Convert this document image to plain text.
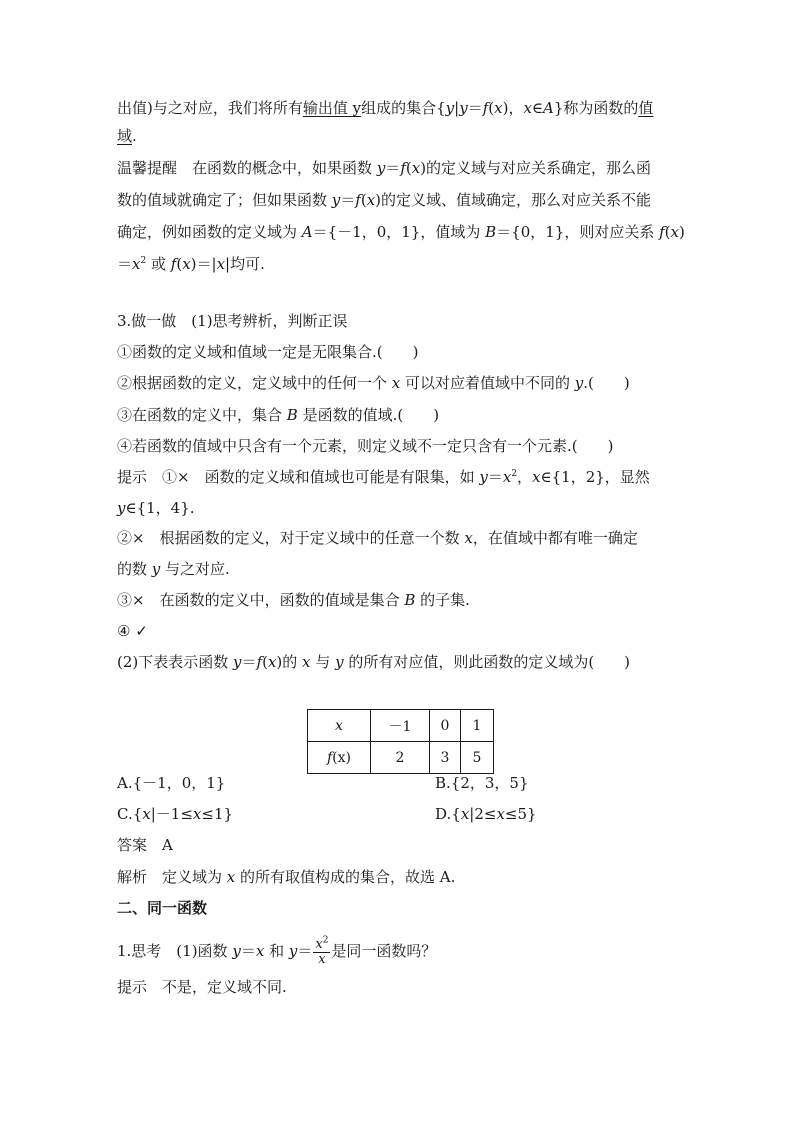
出值)与之对应，我们将所有输出值 y组成的集合{y|y＝f(x)，x∈A}称为函数的值
域.
温馨提醒　 在函数的概念中，如果函数 y＝f(x)的定义域与对应关系确定，那么函
数的值域就确定了；但如果函数 y＝f(x)的定义域、值域确定，那么对应关系不能
确定，例如函数的定义域为 A＝{－1，0，1}，值域为 B＝{0，1}，则对应关系 f(x)
$=x^2$ 或 f(x)＝|x|均可.
3.做一做　(1)思考辨析，判断正误
①函数的定义域和值域一定是无限集合.(　　)
②根据函数的定义，定义域中的任何一个 x 可以对应着值域中不同的 y.(　　)
③在函数的定义中，集合 B 是函数的值域.(　　)
④若函数的值域中只含有一个元素，则定义域不一定只含有一个元素.(　　)
提示　①×　函数的定义域和值域也可能是有限集，如 $y=x^2$，x∈{1，2}，显然
y∈{1，4}.
②×　根据函数的定义，对于定义域中的任意一个数 x，在值域中都有唯一确定
的数 y 与之对应.
③×　在函数的定义中，函数的值域是集合 B 的子集.
④ ✓
(2)下表表示函数 y＝f(x)的 x 与 y 的所有对应值，则此函数的定义域为(　　)
x	－1	0	1
f(x)	2	3	5
A.{－1，0，1}	B.{2，3，5}
C.{x|－1≤x≤1}	D.{x|2≤x≤5}
答案　A
解析　定义域为 x 的所有取值构成的集合，故选 A.
二、同一函数
1.思考　(1)函数 y＝x 和 $y= \frac{x^2}{x}$ 是同一函数吗？
提示　不是，定义域不同.
